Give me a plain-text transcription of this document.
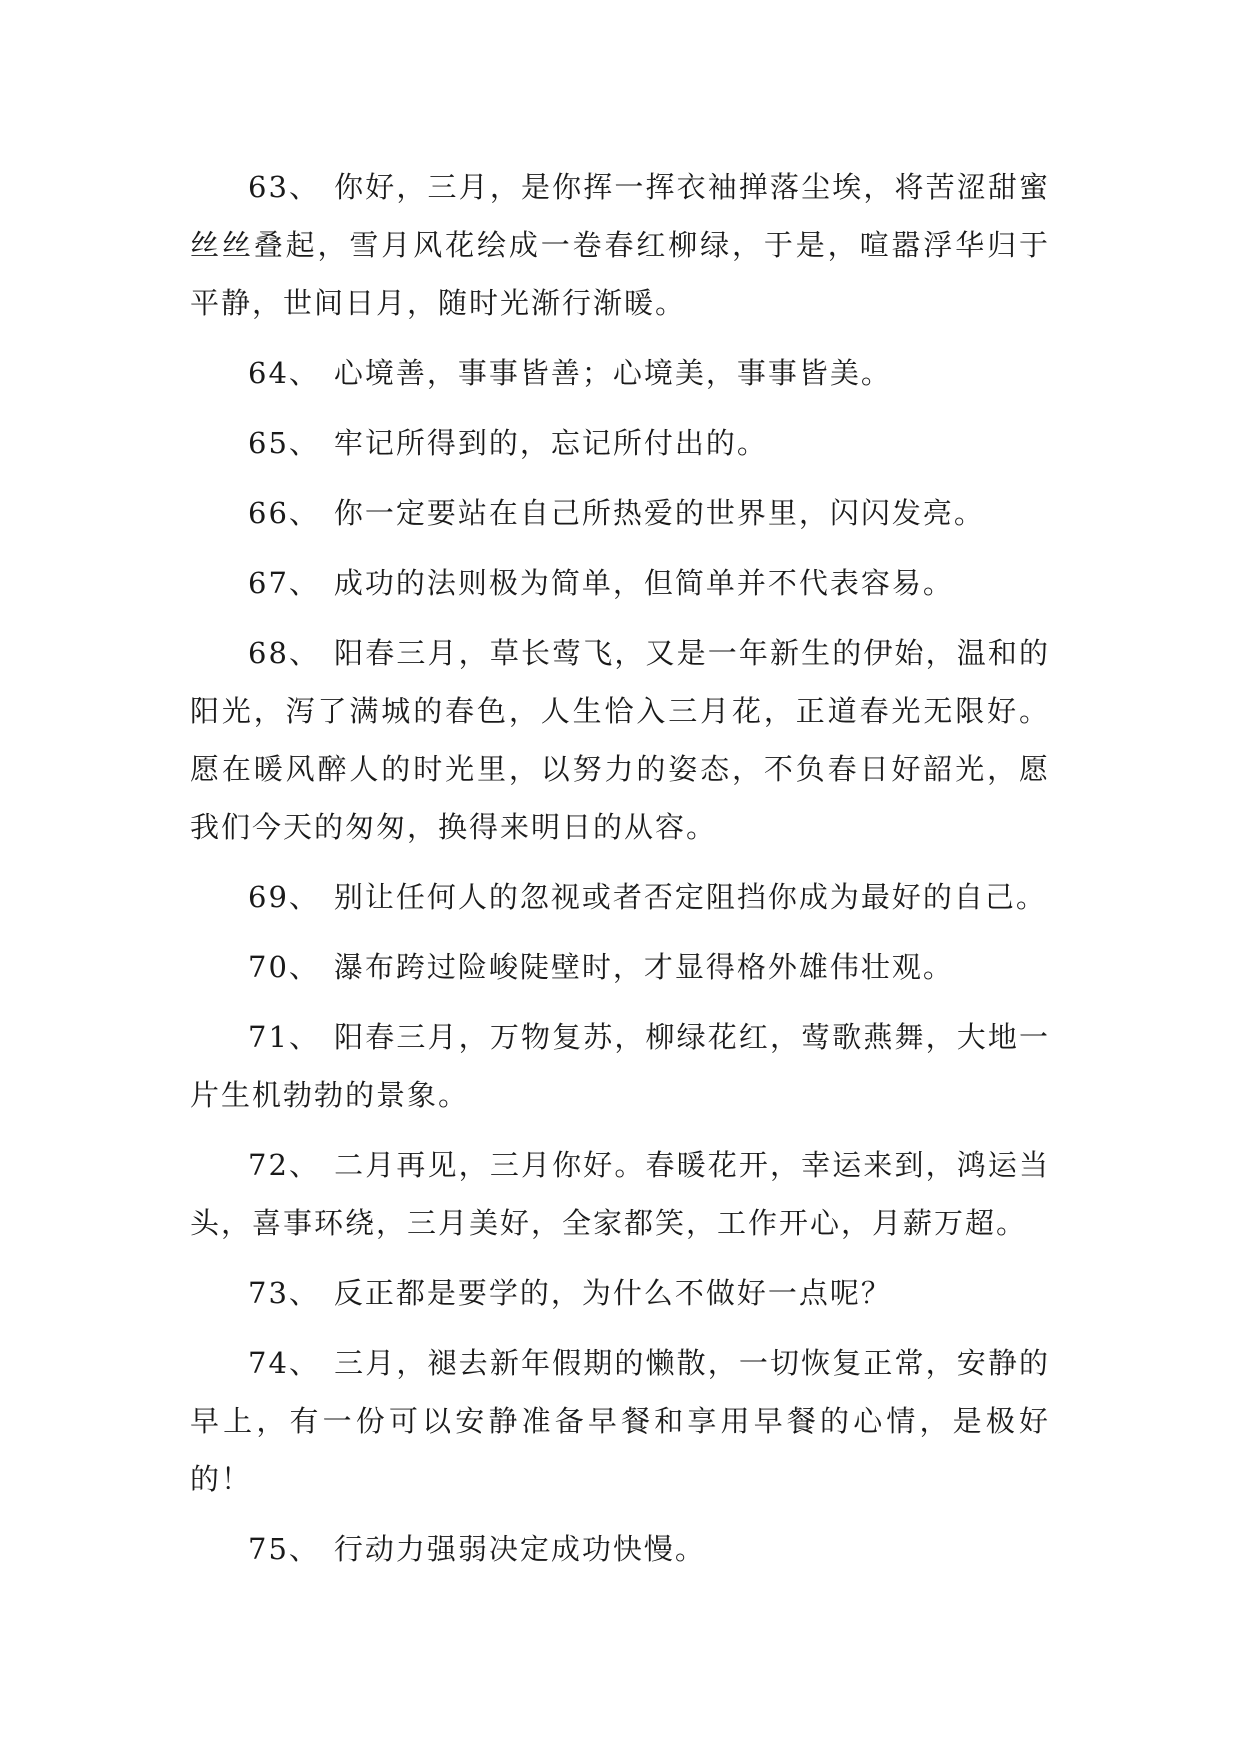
63、 你好，三月，是你挥一挥衣袖掸落尘埃，将苦涩甜蜜丝丝叠起，雪月风花绘成一卷春红柳绿，于是，喧嚣浮华归于平静，世间日月，随时光渐行渐暖。

64、 心境善，事事皆善；心境美，事事皆美。

65、 牢记所得到的，忘记所付出的。

66、 你一定要站在自己所热爱的世界里，闪闪发亮。

67、 成功的法则极为简单，但简单并不代表容易。

68、 阳春三月，草长莺飞，又是一年新生的伊始，温和的阳光，泻了满城的春色，人生恰入三月花，正道春光无限好。愿在暖风醉人的时光里，以努力的姿态，不负春日好韶光，愿我们今天的匆匆，换得来明日的从容。

69、 别让任何人的忽视或者否定阻挡你成为最好的自己。

70、 瀑布跨过险峻陡壁时，才显得格外雄伟壮观。

71、 阳春三月，万物复苏，柳绿花红，莺歌燕舞，大地一片生机勃勃的景象。

72、 二月再见，三月你好。春暖花开，幸运来到，鸿运当头，喜事环绕，三月美好，全家都笑，工作开心，月薪万超。

73、 反正都是要学的，为什么不做好一点呢？

74、 三月，褪去新年假期的懒散，一切恢复正常，安静的早上，有一份可以安静准备早餐和享用早餐的心情，是极好的！

75、 行动力强弱决定成功快慢。
